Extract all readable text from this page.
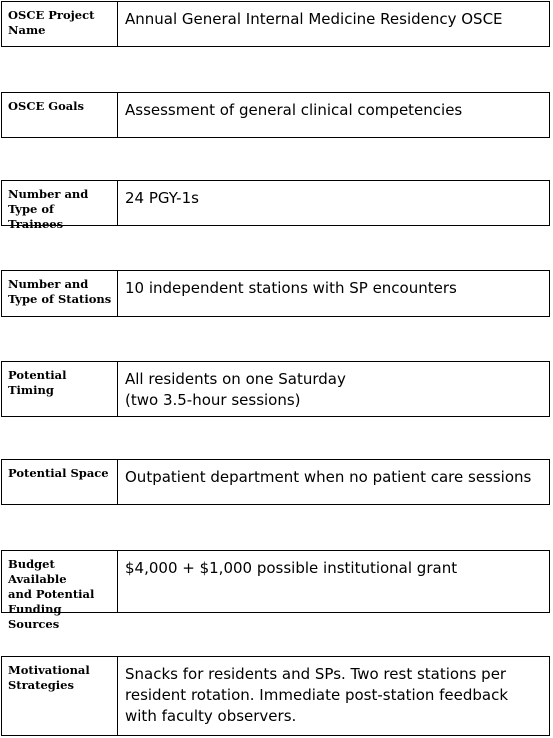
OSCE Project
Name
Annual General Internal Medicine Residency OSCE
OSCE Goals	Assessment of general clinical competencies
Number and
Type of Trainees
24 PGY-1s
Number and
Type of Stations
10 independent stations with SP encounters
Potential Timing
All residents on one Saturday
(two 3.5-hour sessions)
Potential Space	Outpatient department when no patient care sessions
Budget Available
and Potential
Funding Sources
$4,000 + $1,000 possible institutional grant
Motivational
Strategies
Snacks for residents and SPs. Two rest stations per
resident rotation. Immediate post-station feedback
with faculty observers.
